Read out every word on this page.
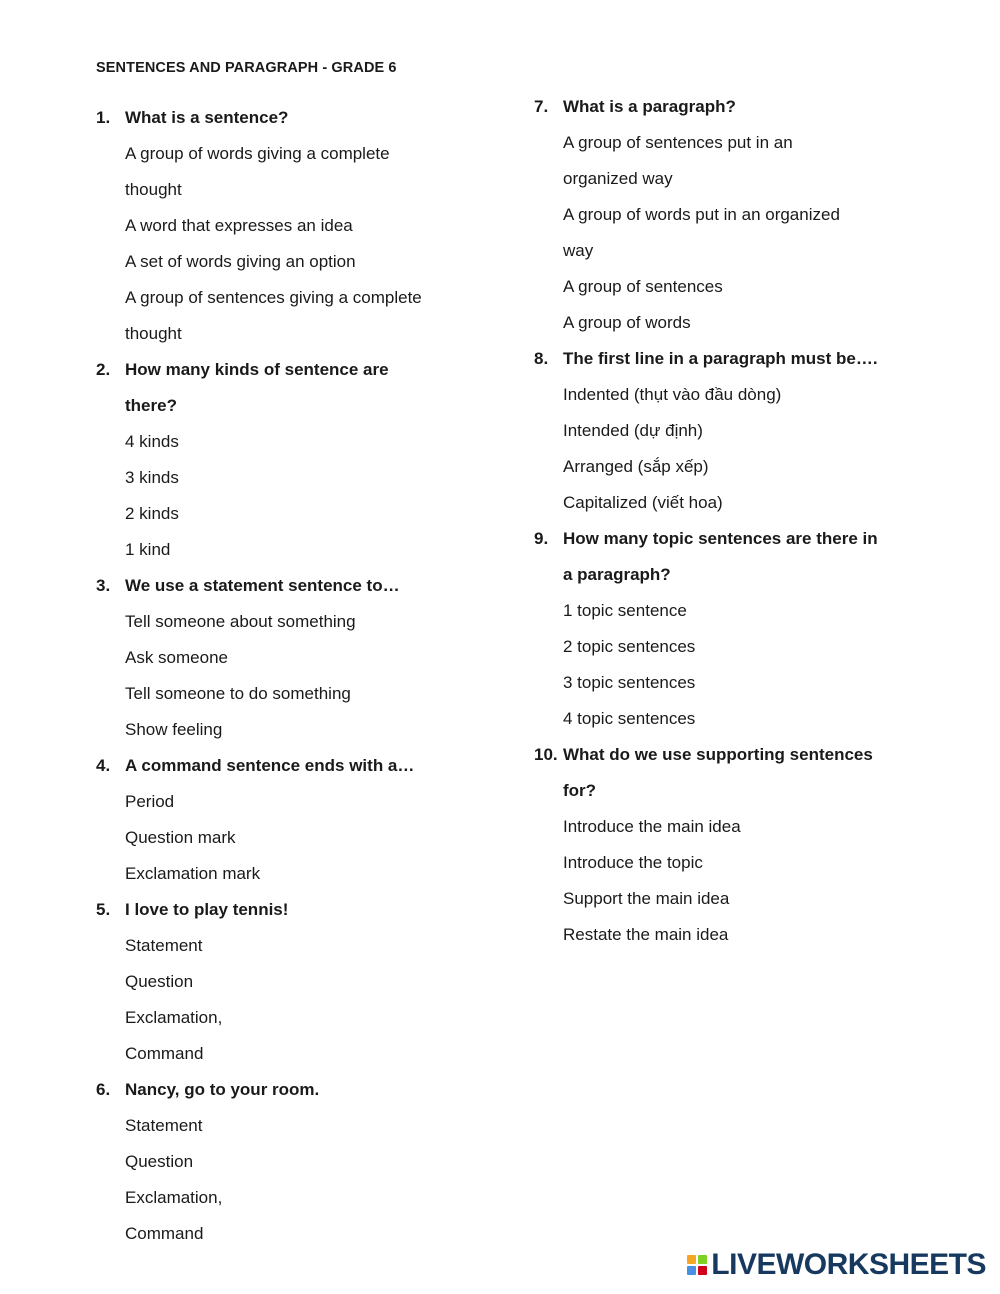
SENTENCES AND PARAGRAPH - GRADE 6
1. What is a sentence?
A group of words giving a complete
thought
A word that expresses an idea
A set of words giving an option
A group of sentences giving a complete
thought
2. How many kinds of sentence are
there?
4 kinds
3 kinds
2 kinds
1 kind
3. We use a statement sentence to…
Tell someone about something
Ask someone
Tell someone to do something
Show feeling
4. A command sentence ends with a…
Period
Question mark
Exclamation mark
5. I love to play tennis!
Statement
Question
Exclamation,
Command
6. Nancy, go to your room.
Statement
Question
Exclamation,
Command
7. What is a paragraph?
A group of sentences put in an
organized way
A group of words put in an organized
way
A group of sentences
A group of words
8. The first line in a paragraph must be….
Indented (thụt vào đầu dòng)
Intended (dự định)
Arranged (sắp xếp)
Capitalized (viết hoa)
9. How many topic sentences are there in
a paragraph?
1 topic sentence
2 topic sentences
3 topic sentences
4 topic sentences
10. What do we use supporting sentences
for?
Introduce the main idea
Introduce the topic
Support the main idea
Restate the main idea
LIVEWORKSHEETS
